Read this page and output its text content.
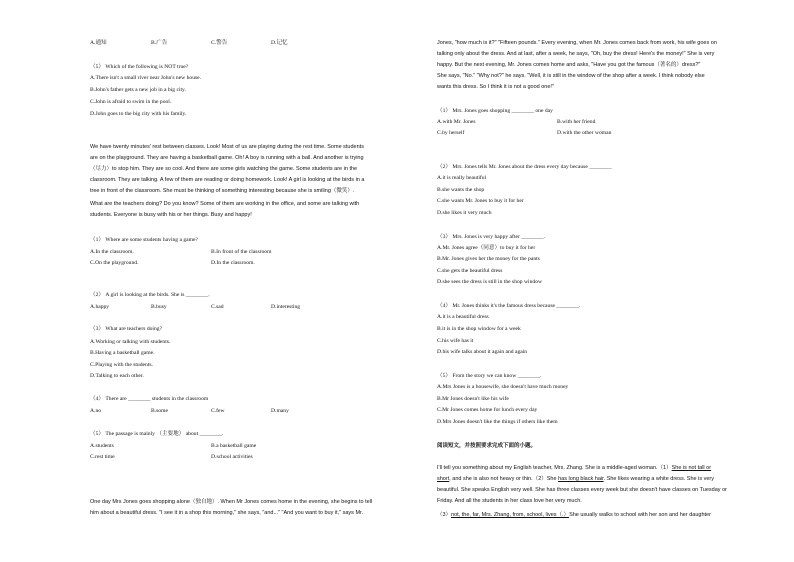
A.通知	B.广告	C.警告	D.记忆
（5） Which of the following is NOT true?
A.There isn't a small river near John's new house.
B.John's father gets a new job in a big city.
C.John is afraid to swim in the pool.
D.John goes to the big city with his family.
We have twenty minutes' rest between classes. Look! Most of us are playing during the rest time. Some students
are on the playground. They are having a basketball game. Oh! A boy is running with a ball. And another is trying
（尽力）to stop him. They are so cool. And there are some girls watching the game. Some students are in the
classroom. They are talking. A few of them are reading or doing homework. Look! A girl is looking at the birds in a
tree in front of the classroom. She must be thinking of something interesting because she is smiling（微笑）.
What are the teachers doing? Do you know? Some of them are working in the office, and some are talking with
students. Everyone is busy with his or her things. Busy and happy!
（1） Where are some students having a game?
A.In the classroom.	B.In front of the classroom
C.On the playground.	D.In the classroom.
（2） A girl is looking at the birds. She is ________.
A.happy	B.busy	C.sad	D.interesting
（3） What are teachers doing?
A.Working or talking with students.
B.Having a basketball game.
C.Playing with the students.
D.Talking to each other.
（4） There are ________ students in the classroom
A.no	B.some	C.few	D.many
（5） The passage is mainly （主要地） about ________.
A.students	B.a basketball game
C.rest time	D.school activities
One day Mrs Jones goes shopping alone（独自地）. When Mr Jones comes home in the evening, she begins to tell
him about a beautiful dress. "I see it in a shop this morning," she says, "and..." "And you want to buy it," says Mr.
Jones, "how much is it?" "Fifteen pounds." Every evening, when Mr. Jones comes back from work, his wife goes on
talking only about the dress. And at last, after a week, he says, "Oh, buy the dress! Here's the money!" She is very
happy. But the next evening, Mr. Jones comes home and asks, "Have you got the famous（著名的）dress?"
She says, "No." "Why not?" he says. "Well, it is still in the window of the shop after a week. I think nobody else
wants this dress. So I think it is not a good one!"
（1） Mrs. Jones goes shopping ________ one day
A.with Mr. Jones	B.with her friend
C.by herself	D.with the other woman
（2） Mrs. Jones tells Mr. Jones about the dress every day because ________
A.it is really beautiful
B.she wants the shop
C.she wants Mr. Jones to buy it for her
D.she likes it very much
（3） Mrs. Jones is very happy after ________.
A.Mr. Jones agree（同意）to buy it for her
B.Mr. Jones gives her the money for the pants
C.she gets the beautiful dress
D.she sees the dress is still in the shop window
（4） Mr. Jones thinks it's the famous dress because ________.
A.it is a beautiful dress
B.it is in the shop window for a week
C.his wife has it
D.his wife talks about it again and again
（5） From the story we can know ________.
A.Mrs Jones is a housewife, she doesn't have much money
B.Mr Jones doesn't like his wife
C.Mr Jones comes home for lunch every day
D.Mrs Jones doesn't like the things if others like them
阅读短文，并按照要求完成下面的小题。
I'll tell you something about my English teacher, Mrs. Zhang. She is a middle-aged woman.（1）She is not tall or
short, and she is also not heavy or thin.（2）She has long black hair. She likes wearing a white dress. She is very
beautiful. She speaks English very well. She has three classes every week but she doesn't have classes on Tuesday or
Friday. And all the students in her class love her very much.
（3）not, the, far, Mrs. Zhang, from, school, lives（.）She usually walks to school with her son and her daughter
